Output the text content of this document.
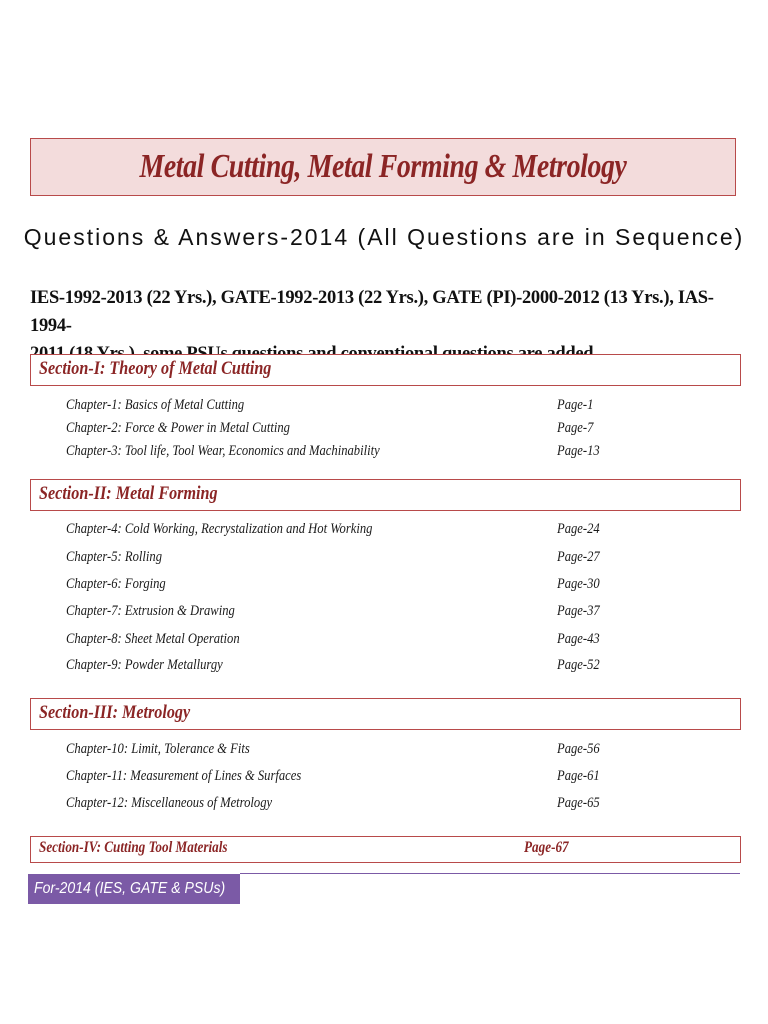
Metal Cutting, Metal Forming & Metrology
Questions & Answers-2014 (All Questions are in Sequence)
IES-1992-2013 (22 Yrs.), GATE-1992-2013 (22 Yrs.), GATE (PI)-2000-2012 (13 Yrs.), IAS-1994-
Section-I: Theory of Metal Cutting
Chapter-1: Basics of Metal Cutting	Page-1
Chapter-2: Force & Power in Metal Cutting	Page-7
Chapter-3: Tool life, Tool Wear, Economics and Machinability	Page-13
Section-II: Metal Forming
Chapter-4: Cold Working, Recrystalization and Hot Working	Page-24
Chapter-5: Rolling	Page-27
Chapter-6: Forging	Page-30
Chapter-7: Extrusion & Drawing	Page-37
Chapter-8: Sheet Metal Operation	Page-43
Chapter-9: Powder Metallurgy	Page-52
Section-III: Metrology
Chapter-10: Limit, Tolerance & Fits	Page-56
Chapter-11: Measurement of Lines & Surfaces	Page-61
Chapter-12: Miscellaneous of Metrology	Page-65
Section-IV: Cutting Tool Materials	Page-67
For-2014 (IES, GATE & PSUs)
